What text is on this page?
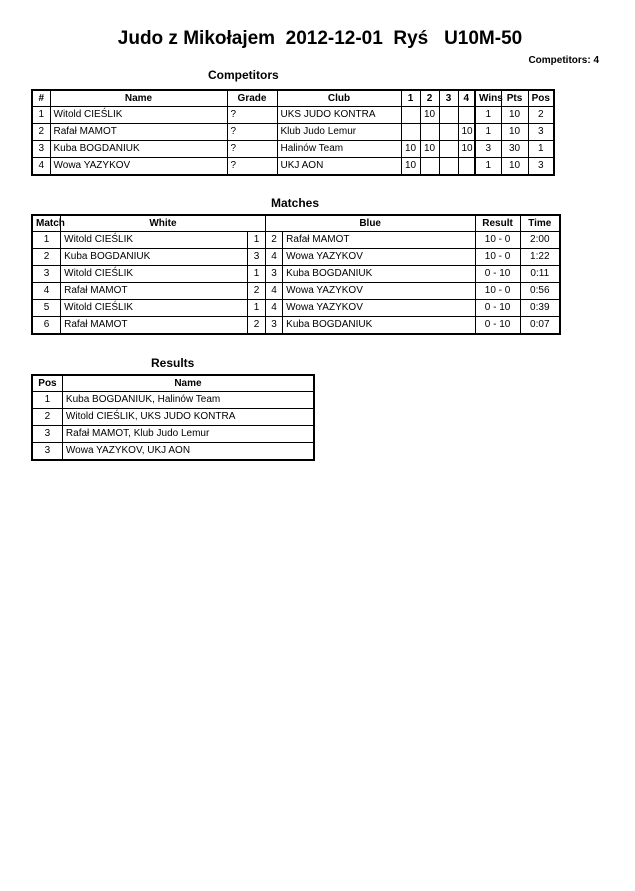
Judo z Mikołajem  2012-12-01  Ryś   U10M-50
Competitors: 4
Competitors
#	Name	Grade	Club	1	2	3	4	Wins	Pts	Pos
1	Witold CIEŚLIK	?	UKS JUDO KONTRA		10			1	10	2
2	Rafał MAMOT	?	Klub Judo Lemur				10	1	10	3
3	Kuba BOGDANIUK	?	Halinów Team	10	10		10	3	30	1
4	Wowa YAZYKOV	?	UKJ AON	10				1	10	3
Matches
Match	White		Blue		Result	Time
1	Witold CIEŚLIK	1	2	Rafał MAMOT	10 - 0	2:00
2	Kuba BOGDANIUK	3	4	Wowa YAZYKOV	10 - 0	1:22
3	Witold CIEŚLIK	1	3	Kuba BOGDANIUK	0 - 10	0:11
4	Rafał MAMOT	2	4	Wowa YAZYKOV	10 - 0	0:56
5	Witold CIEŚLIK	1	4	Wowa YAZYKOV	0 - 10	0:39
6	Rafał MAMOT	2	3	Kuba BOGDANIUK	0 - 10	0:07
Results
Pos	Name
1	Kuba BOGDANIUK, Halinów Team
2	Witold CIEŚLIK, UKS JUDO KONTRA
3	Rafał MAMOT, Klub Judo Lemur
3	Wowa YAZYKOV, UKJ AON
